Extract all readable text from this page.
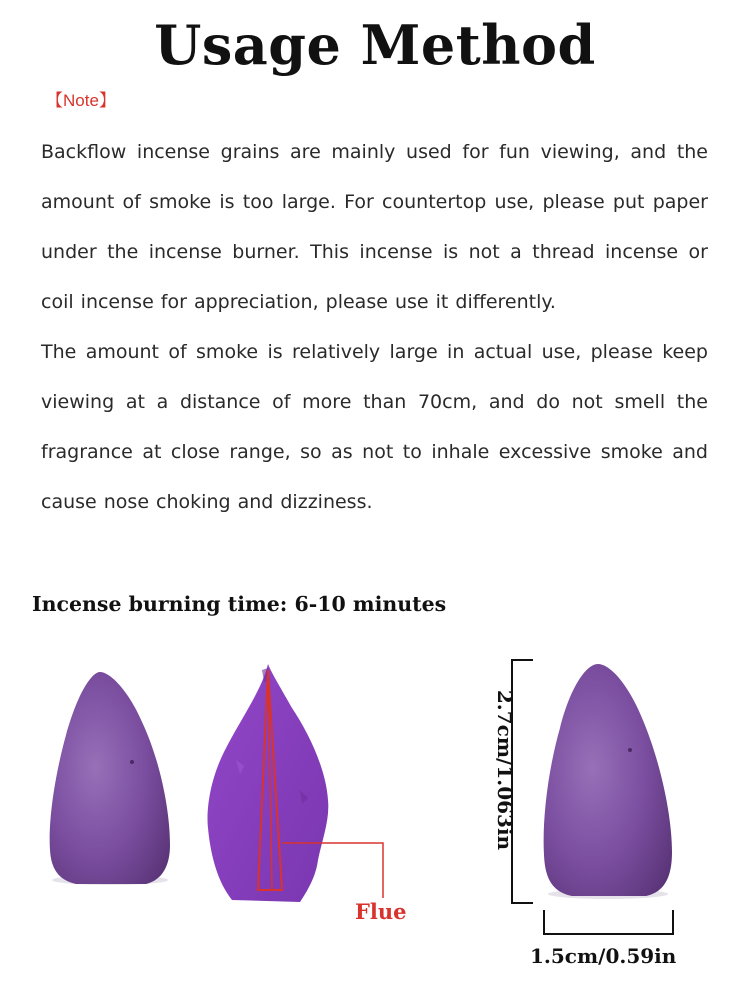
Usage Method
【Note】

Backflow incense grains are mainly used for fun viewing, and the amount of smoke is too large. For countertop use, please put paper under the incense burner. This incense is not a thread incense or coil incense for appreciation, please use it differently.

The amount of smoke is relatively large in actual use, please keep viewing at a distance of more than 70cm, and do not smell the fragrance at close range, so as not to inhale excessive smoke and cause nose choking and dizziness.

Incense burning time: 6-10 minutes
Flue
2.7cm/1.063in
1.5cm/0.59in
